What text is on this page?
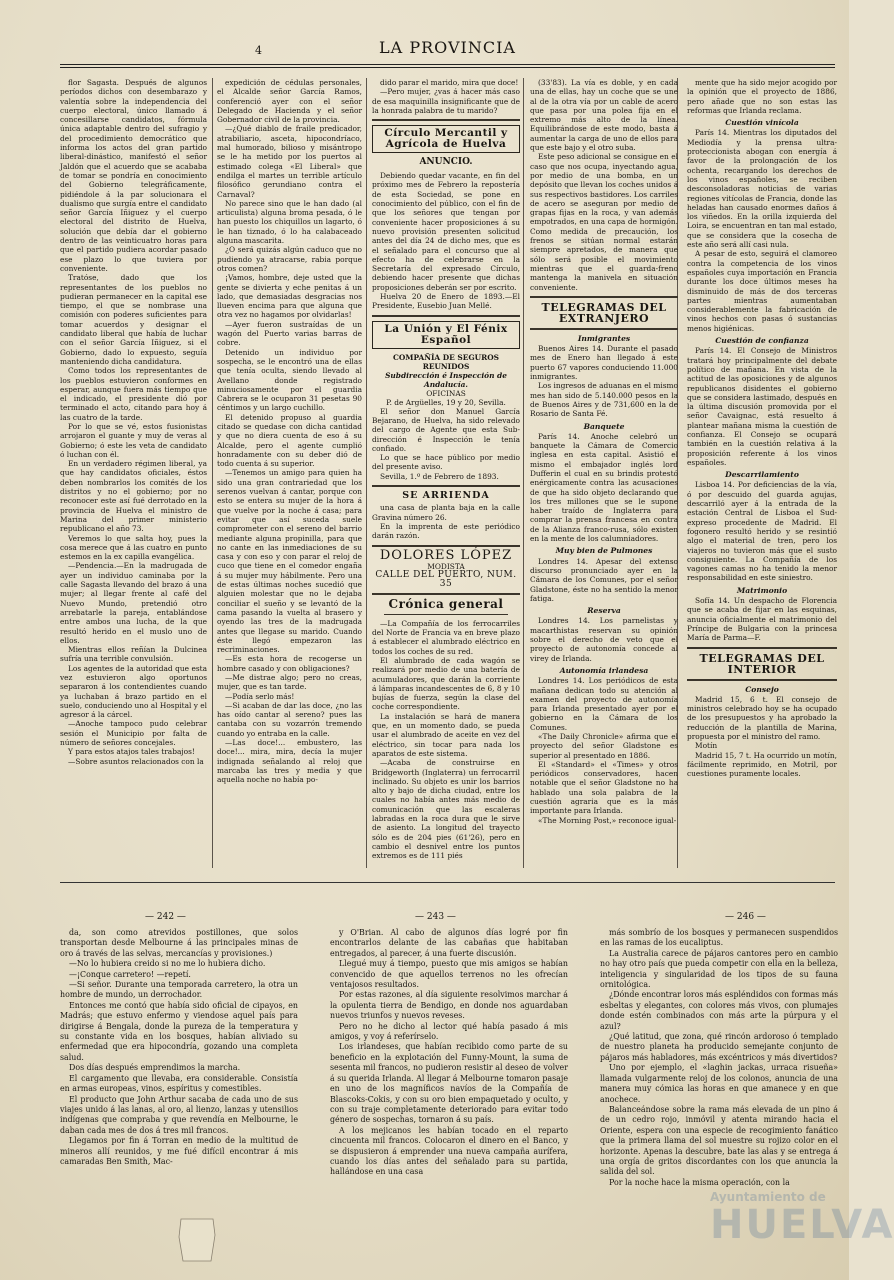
4	LA PROVINCIA

flor Sagasta. Después de algunos períodos dichos con desembarazo y valentía sobre la independencia del cuerpo electoral, único llamado á concesillarse candidatos, fórmula única adaptable dentro del sufragio y del procedimiento democrático que informa los actos del gran partido liberal-dinástico, manifestó el señor Jaldón que el acuerdo que se acababa de tomar se pondría en conocimiento del Gobierno telegráficamente, pidiéndole á la par solucionara el dualismo que surgía entre el candidato señor García Iñiguez y el cuerpo electoral del distrito de Huelva, solución que debía dar el gobierno dentro de las veinticuatro horas para que el partido pudiera acordar pasado ese plazo lo que tuviera por conveniente.

Tratóse, dado que los representantes de los pueblos no pudieran permanecer en la capital ese tiempo, el que se nombrase una comisión con poderes suficientes para tomar acuerdos y designar el candidato liberal que había de luchar con el señor García Iñiguez, si el Gobierno, dado lo expuesto, seguía manteniendo dicha candidatura.

Como todos los representantes de los pueblos estuvieron conformes en esperar, aunque fuera más tiempo que el indicado, el presidente dió por terminado el acto, citando para hoy á las cuatro de la tarde.

Por lo que se vé, estos fusionistas arrojaron el guante y muy de veras al Gobierno; ó este les veta de candidato ó luchan con él.

En un verdadero régimen liberal, ya que hay candidatos oficiales, éstos deben nombrarlos los comités de los distritos y no el gobierno; por no reconocer este así fué derrotado en la provincia de Huelva el ministro de Marina del primer ministerio republicano el año 73.

Veremos lo que salta hoy, pues la cosa merece que á las cuatro en punto estemos en la ex capilla evangélica.

—Pendencia.—En la madrugada de ayer un individuo caminaba por la calle Sagasta llevando del brazo á una mujer; al llegar frente al café del Nuevo Mundo, pretendió otro arrebatarle la pareja, entablándose entre ambos una lucha, de la que resultó herido en el muslo uno de ellos.

Mientras ellos reñían la Dulcinea sufría una terrible convulsión.

Los agentes de la autoridad que esta vez estuvieron algo oportunos separaron á los contendientes cuando ya luchaban á brazo partido en el suelo, conduciendo uno al Hospital y el agresor á la cárcel.

—Anoche tampoco pudo celebrar sesión el Municipio por falta de número de señores concejales.

Y para estos atajos tales trabajos!

—Sobre asuntos relacionados con la

expedición de cédulas personales, el Alcalde señor García Ramos, conferenció ayer con el señor Delegado de Hacienda y el señor Gobernador civil de la provincia.

—¿Qué diablo de fraile predicador, atrabiliario, asceta, hipocondríaco, mal humorado, bilioso y misántropo se le ha metido por los puertos al estimado colega «El Liberal» que endilga el martes un terrible artículo filosófico gerundiano contra el Carnaval?

No parece sino que le han dado (al articulista) alguna broma pesada, ó le han puesto los chiquillos un lagarto, ó le han tiznado, ó lo ha calabaceado alguna mascarita.

¿O será quizás algún caduco que no pudiendo ya atracarse, rabia porque otros comen?

¡Vamos, hombre, deje usted que la gente se divierta y eche penitas á un lado, que demasiadas desgracias nos llueven encima para que alguna que otra vez no hagamos por olvidarlas!

—Ayer fueron sustraídas de un wagón del Puerto varias barras de cobre.

Detenido un individuo por sospecha, se le encontró una de ellas que tenía oculta, siendo llevado al Avellano donde registrado minuciosamente por el guardia Cabrera se le ocuparon 31 pesetas 90 céntimos y un largo cuchillo.

El detenido propuso al guardia citado se quedase con dicha cantidad y que no diera cuenta de eso á su Alcalde, pero el agente cumplió honradamente con su deber dió de todo cuenta á su superior.

—Tenemos un amigo para quien ha sido una gran contrariedad que los serenos vuelvan á cantar, porque con esto se entera su mujer de la hora á que vuelve por la noche á casa; para evitar que así sucedа suele comprometer con el sereno del barrio mediante alguna propinilla, para que no cante en las inmediaciones de su casa y con eso y con parar el reloj de cuco que tiene en el comedor engaña á su mujer muy hábilmente. Pero una de estas últimas noches sucedió que alguien molestar que no le dejaba conciliar el sueño y se levantó de la cama pasando la vuelta al brasero y oyendo las tres de la madrugada antes que llegase su marido. Cuando éste llegó empezaron las recriminaciones.

—Es esta hora de recogerse un hombre casado y con obligaciones?

—Me distrae algo; pero no creas, mujer, que es tan tarde.

—Podía serlo más!

—Si acaban de dar las doce, ¿no las has oído cantar al sereno? pues las cantaba con su vozarrón tremendo cuando yo entraba en la calle.

—Las doce!... embustero, las doce!... mira, mira, decía la mujer indignada señalando al reloj que marcaba las tres y media y que aquella noche no había po-

dido parar el marido, mira que doce!

—Pero mujer, ¿vas á hacer más caso de esa maquinilla insignificante que de la honrada palabra de tu marido?

Círculo Mercantil y Agrícola de Huelva
ANUNCIO.

Debiendo quedar vacante, en fin del próximo mes de Febrero la repostería de esta Sociedad, se pone en conocimiento del público, con el fin de que los señores que tengan por conveniente hacer proposiciones á su nuevo provisión presenten solicitud antes del día 24 de dicho mes, que es el señalado para el concurso que al efecto ha de celebrarse en la Secretaría del expresado Círculo, debiendo hacer presente que dichas proposiciones deberán ser por escrito.

Huelva 20 de Enero de 1893.—El Presidente, Eusebio Juan Mellé.

La Unión y El Fénix Español
COMPAÑÍA DE SEGUROS REUNIDOS
Subdirección é Inspección de Andalucía.
OFICINAS
P. de Argüelles, 19 y 20, Sevilla.

El señor don Manuel García Bejarano, de Huelva, ha sido relevado del cargo de Agente que esta Sub-dirección é Inspección le tenía confiado.

Lo que se hace público por medio del presente aviso.

Sevilla, 1.º de Febrero de 1893.

SE ARRIENDA

una casa de planta baja en la calle Gravina número 26.

En la imprenta de este periódico darán razón.

DOLORES LÓPEZ
MODISTA
CALLE DEL PUERTO, NUM. 35
Crónica general

—La Compañía de los ferrocarriles del Norte de Francia va en breve plazo á establecer el alumbrado eléctrico en todos los coches de su red.

El alumbrado de cada wagón se realizará por medio de una batería de acumuladores, que darán la corriente á lámparas incandescentes de 6, 8 y 10 bujías de fuerza, según la clase del coche correspondiente.

La instalación se hará de manera que, en un momento dado, se pueda usar el alumbrado de aceite en vez del eléctrico, sin tocar para nada los aparatos de este sistema.

—Acaba de construirse en Bridgeworth (Inglaterra) un ferrocarril inclinado. Su objeto es unir los barrios alto y bajo de dicha ciudad, entre los cuales no había antes más medio de comunicación que las escaleras labradas en la roca dura que le sirve de asiento. La longitud del trayecto sólo es de 204 pies (61'26), pero en cambio el desnivel entre los puntos extremos es de 111 piés

(33'83). La vía es doble, y en cada una de ellas, hay un coche que se une al de la otra vía por un cable de acero que pasa por una polea fija en el extremo más alto de la línea. Equilibrándose de este modo, basta á aumentar la carga de uno de ellos para que este bajo y el otro suba.

Este peso adicional se consigue en el caso que nos ocupa, inyectando agua, por medio de una bomba, en un depósito que llevan los coches unidos á sus respectivos bastidores. Los carriles de acero se aseguran por medio de grapas fijas en la roca, y van además empotrados, en una capa de hormigón. Como medida de precaución, los frenos se sitúan normal estarán siempre apretados, de manera que sólo será posible el movimiento mientras que el guarda-freno mantenga la manivela en situación conveniente.

TELEGRAMAS DEL EXTRANJERO
Inmigrantes

Buenos Aires 14. Durante el pasado mes de Enero han llegado á este puerto 67 vapores conduciendo 11.000 inmigrantes.

Los ingresos de aduanas en el mismo mes han sido de 5.140.000 pesos en la de Buenos Aires y de 731,600 en la de Rosario de Santa Fé.

Banquete

París 14. Anoche celebró un banquete la Cámara de Comercio inglesa en esta capital. Asistió el mismo el embajador inglés lord Dufferin el cual en su brindis protestó enérgicamente contra las acusaciones de que ha sido objeto declarando que los tres millones que se le supone haber traído de Inglaterra para comprar la prensa francesa en contra de la Alianza franco-rusa, sólo existen en la mente de los calumniadores.

Muy bien de Pulmones

Londres 14. Apesar del extenso discurso pronunciado ayer en la Cámara de los Comunes, por el señor Gladstone, éste no ha sentido la menor fatiga.

Reserva

Londres 14. Los parnelistas y macarthistas reservan su opinión sobre el derecho de veto que el proyecto de autonomía concede al virey de Irlanda.

Autonomía irlandesa

Londres 14. Los periódicos de esta mañana dedican todo su atención al examen del proyecto de autonomía para Irlanda presentado ayer por el gobierno en la Cámara de los Comunes.

«The Daily Chronicle» afirma que el proyecto del señor Gladstone es superior al presentado en 1886.

El «Standard» el «Times» y otros periódicos conservadores, hacen notable que el señor Gladstone no ha hablado una sola palabra de la cuestión agraria que es la más importante para Irlanda.

«The Morning Post,» reconoce igual-

mente que ha sido mejor acogido por la opinión que el proyecto de 1886, pero añade que no son estas las reformas que Irlanda reclama.

Cuestión vinícola

París 14. Mientras los diputados del Mediodía y la prensa ultra-proteccionista abogan con energía á favor de la prolongación de los ochenta, recargando los derechos de los vinos españoles, se reciben desconsoladoras noticias de varias regiones vitícolas de Francia, donde las heladas han causado enormes daños á los viñedos. En la orilla izquierda del Loira, se encuentran en tan mal estado, que se considera que la cosecha de este año será allí casi nula.

A pesar de esto, seguirá el clamoreo contra la competencia de los vinos españoles cuya importación en Francia durante los doce últimos meses ha disminuido de más de dos terceras partes mientras aumentaban considerablemente la fabricación de vinos hechos con pasas ó sustancias menos higiénicas.

Cuestión de confianza

París 14. El Consejo de Ministros tratará hoy principalmente del debate político de mañana. En vista de la actitud de las oposiciones y de algunos republicanos disidentes el gobierno que se considera lastimado, después en la última discusión promovida por el señor Cavaignac, está resuelto á plantear mañana misma la cuestión de confianza. El Consejo se ocupará también en la cuestión relativa á la proposición referente á los vinos españoles.

Descarrilamiento

Lisboa 14. Por deficiencias de la vía, ó por descuido del guarda agujas, descarriló ayer á la entrada de la estación Central de Lisboa el Sud-expreso procedente de Madrid. El fogonero resultó herido y se resintió algo el material de tren, pero los viajeros no tuvieron más que el susto consiguiente. La Compañía de los vagones camas no ha tenido la menor responsabilidad en este siniestro.

Matrimonio

Sofía 14. Un despacho de Florencia que se acaba de fijar en las esquinas, anuncia oficialmente el matrimonio del Príncipe de Bulgaria con la princesa María de Parma—F.

TELEGRAMAS DEL INTERIOR
Consejo

Madrid 15, 6 t. El consejo de ministros celebrado hoy se ha ocupado de los presupuestos y ha aprobado la reducción de la plantilla de Marina, propuesta por el ministro del ramo.

Motín

Madrid 15, 7 t. Ha ocurrido un motín, fácilmente reprimido, en Motril, por cuestiones puramente locales.

— 242 —	— 243 —	— 246 —

da, son como atrevidos postillones, que solos transportan desde Melbourne á las principales minas de oro á través de las selvas, mercancías y provisiones.)

—No lo hubiera creido si no me lo hubiera dicho.

—¡Conque carretero! —repetí.

—Si señor. Durante una temporada carretero, la otra un hombre de mundo, un derrochador.

Entonces me contó que había sido oficial de cipayos, en Madrás; que estuvo enfermo y viendose aquel país para dirigirse á Bengala, donde la pureza de la temperatura y su constante vida en los bosques, habían aliviado su enfermedad que era hipocondría, gozando una completa salud.

Dos días después emprendimos la marcha.

El cargamento que llevaba, era considerable. Consistía en armas europeas, vinos, espíritus y comestibles.

El producto que John Arthur sacaba de cada uno de sus viajes unido á las lanas, al oro, al lienzo, lanzas y utensilios indígenas que compraba y que revendía en Melbourne, le daban cada mes de dos á tres mil francos.

Llegamos por fin á Torran en medio de la multitud de mineros allí reunidos, y me fué difícil encontrar á mis camaradas Ben Smith, Mac-

y O'Brian. Al cabo de algunos días logré por fin encontrarlos delante de las cabañas que habitaban entregados, al parecer, á una fuerte discusión.

Llegué muy á tiempo, puesto que mis amigos se habían convencido de que aquellos terrenos no les ofrecían ventajosos resultados.

Por estas razones, al día siguiente resolvimos marchar á la opulenta tierra de Bendigo, en donde nos aguardaban nuevos triunfos y nuevos reveses.

Pero no he dicho al lector qué había pasado á mis amigos, y voy á referírselo.

Los irlandeses, que habían recibido como parte de su beneficio en la explotación del Funny-Mount, la suma de sesenta mil francos, no pudieron resistir al deseo de volver á su querida Irlanda. Al llegar á Melbourne tomaron pasaje en uno de los magníficos navíos de la Compañía de Blascoks-Cokis, y con su oro bien empaquetado y oculto, y con su traje completamente deteriorado para evitar todo género de sospechas, tornaron á su país.

A los mejicanos les habían tocado en el reparto cincuenta mil francos. Colocaron el dinero en el Banco, y se dispusieron á emprender una nueva campaña aurífera, cuando los días antes del señalado para su partida, hallándose en una casa

más sombrío de los bosques y permanecen suspendidos en las ramas de los eucaliptus.

La Australia carece de pájaros cantores pero en cambio no hay otro país que pueda competir con ella en la belleza, inteligencia y singularidad de los tipos de su fauna ornitológica.

¿Dónde encontrar loros más espléndidos con formas más esbeltas y elegantes, con colores más vivos, con plumajes donde estén combinados con más arte la púrpura y el azul?

¿Qué latitud, que zona, qué rincón ardoroso ó templado de nuestro planeta ha producido semejante conjunto de pájaros más habladores, más excéntricos y más divertidos?

Uno por ejemplo, el «laghin jackas, urraca risueña» llamada vulgarmente reloj de los colonos, anuncia de una manera muy cómica las horas en que amanece y en que anochece.

Balanceándose sobre la rama más elevada de un pino á de un cedro rojo, inmóvil y atenta mirando hacia el Oriente, espera con una especie de recogimiento fanático que la primera llama del sol muestre su rojizo color en el horizonte. Apenas la descubre, bate las alas y se entrega á una orgía de gritos discordantes con los que anuncia la salida del sol.

Por la noche hace la misma operación, con la

Ayuntamiento de
HUELVA
